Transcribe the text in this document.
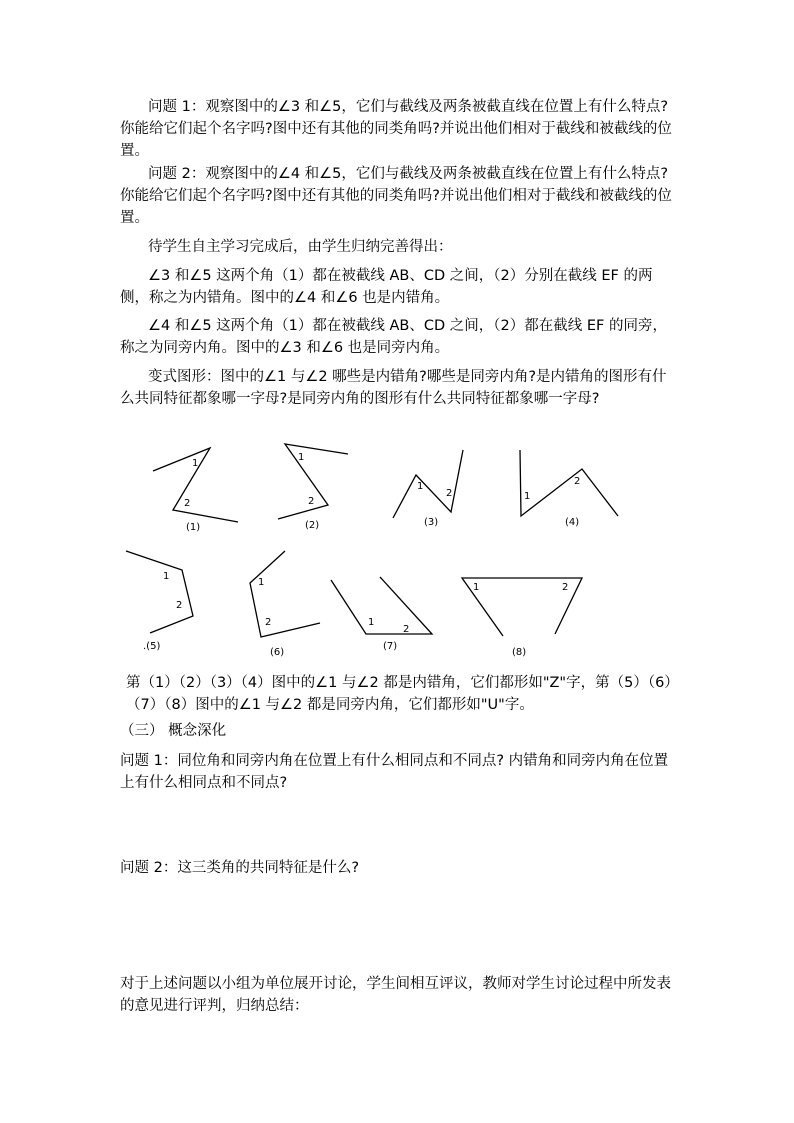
问题 1：观察图中的∠3 和∠5，它们与截线及两条被截直线在位置上有什么特点?你能给它们起个名字吗?图中还有其他的同类角吗?并说出他们相对于截线和被截线的位置。
问题 2：观察图中的∠4 和∠5，它们与截线及两条被截直线在位置上有什么特点?你能给它们起个名字吗?图中还有其他的同类角吗?并说出他们相对于截线和被截线的位置。
待学生自主学习完成后，由学生归纳完善得出：
∠3 和∠5 这两个角（1）都在被截线 AB、CD 之间，（2）分别在截线 EF 的两侧，称之为内错角。图中的∠4 和∠6 也是内错角。
∠4 和∠5 这两个角（1）都在被截线 AB、CD 之间，（2）都在截线 EF 的同旁，称之为同旁内角。图中的∠3 和∠6 也是同旁内角。
变式图形：图中的∠1 与∠2 哪些是内错角?哪些是同旁内角?是内错角的图形有什么共同特征都象哪一字母?是同旁内角的图形有什么共同特征都象哪一字母?
1
2
(1)
1
2
(2)
1
2
(3)
1
2
(4)
1
2
.(5)
1
2
(6)
1
2
(7)
1	2
(8)
第（1）（2）（3）（4）图中的∠1 与∠2 都是内错角，它们都形如"Z"字，第（5）（6）（7）（8）图中的∠1 与∠2 都是同旁内角，它们都形如"U"字。
（三） 概念深化
问题 1：同位角和同旁内角在位置上有什么相同点和不同点? 内错角和同旁内角在位置上有什么相同点和不同点?
问题 2：这三类角的共同特征是什么?
对于上述问题以小组为单位展开讨论，学生间相互评议，教师对学生讨论过程中所发表的意见进行评判，归纳总结：
